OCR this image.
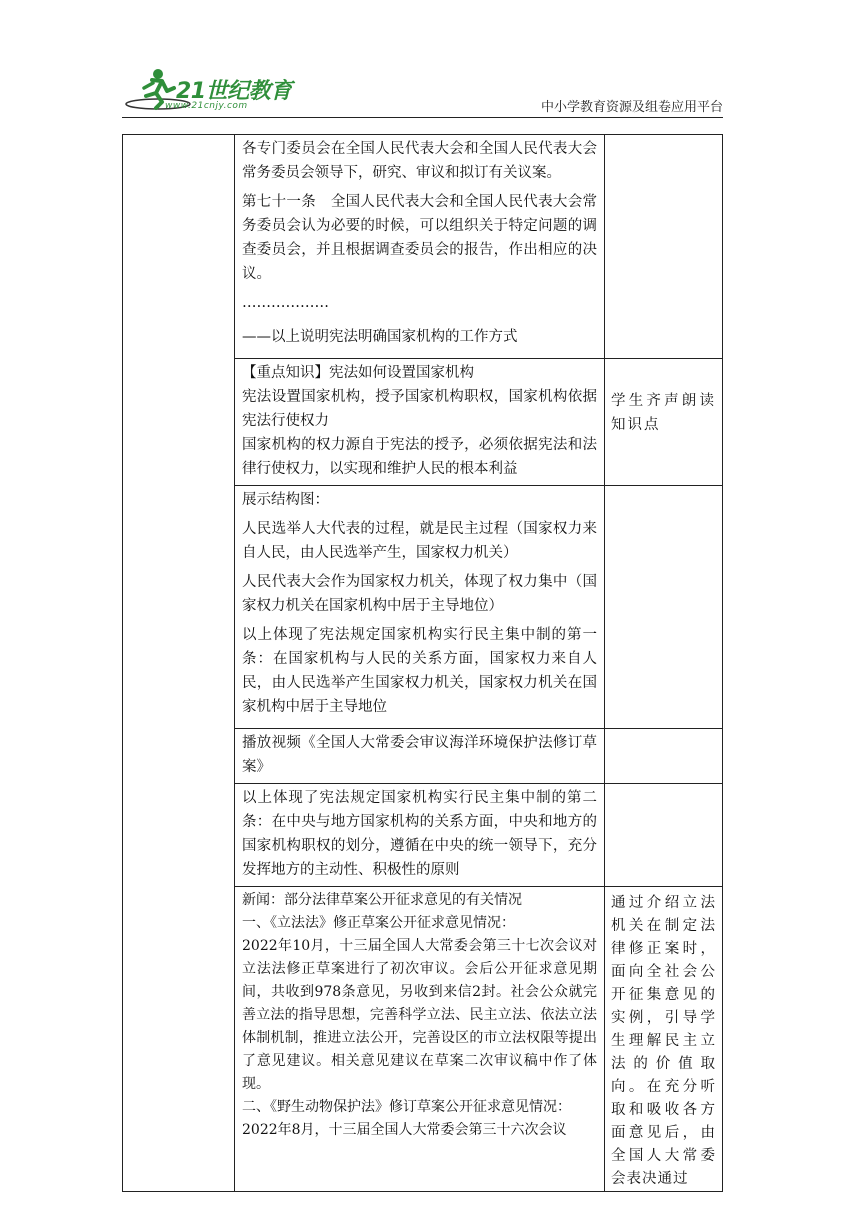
21世纪教育
www.21cnjy.com	中小学教育资源及组卷应用平台

	各专门委员会在全国人民代表大会和全国人民代表大会常务委员会领导下，研究、审议和拟订有关议案。

第七十一条　全国人民代表大会和全国人民代表大会常务委员会认为必要的时候，可以组织关于特定问题的调查委员会，并且根据调查委员会的报告，作出相应的决议。

………………

——以上说明宪法明确国家机构的工作方式	

	【重点知识】宪法如何设置国家机构

宪法设置国家机构，授予国家机构职权，国家机构依据宪法行使权力

国家机构的权力源自于宪法的授予，必须依据宪法和法律行使权力，以实现和维护人民的根本利益	学生齐声朗读知识点

	展示结构图：

人民选举人大代表的过程，就是民主过程（国家权力来自人民，由人民选举产生，国家权力机关）

人民代表大会作为国家权力机关，体现了权力集中（国家权力机关在国家机构中居于主导地位）

以上体现了宪法规定国家机构实行民主集中制的第一条：在国家机构与人民的关系方面，国家权力来自人民，由人民选举产生国家权力机关，国家权力机关在国家机构中居于主导地位	

	播放视频《全国人大常委会审议海洋环境保护法修订草案》	

	以上体现了宪法规定国家机构实行民主集中制的第二条：在中央与地方国家机构的关系方面，中央和地方的国家机构职权的划分，遵循在中央的统一领导下，充分发挥地方的主动性、积极性的原则	

	新闻：部分法律草案公开征求意见的有关情况

一、《立法法》修正草案公开征求意见情况：

2022年10月，十三届全国人大常委会第三十七次会议对立法法修正草案进行了初次审议。会后公开征求意见期间，共收到978条意见，另收到来信2封。社会公众就完善立法的指导思想，完善科学立法、民主立法、依法立法体制机制，推进立法公开，完善设区的市立法权限等提出了意见建议。相关意见建议在草案二次审议稿中作了体现。

二、《野生动物保护法》修订草案公开征求意见情况：

2022年8月，十三届全国人大常委会第三十六次会议	通过介绍立法机关在制定法律修正案时，面向全社会公开征集意见的实例，引导学生理解民主立法的价值取向。在充分听取和吸收各方面意见后，由全国人大常委会表决通过
